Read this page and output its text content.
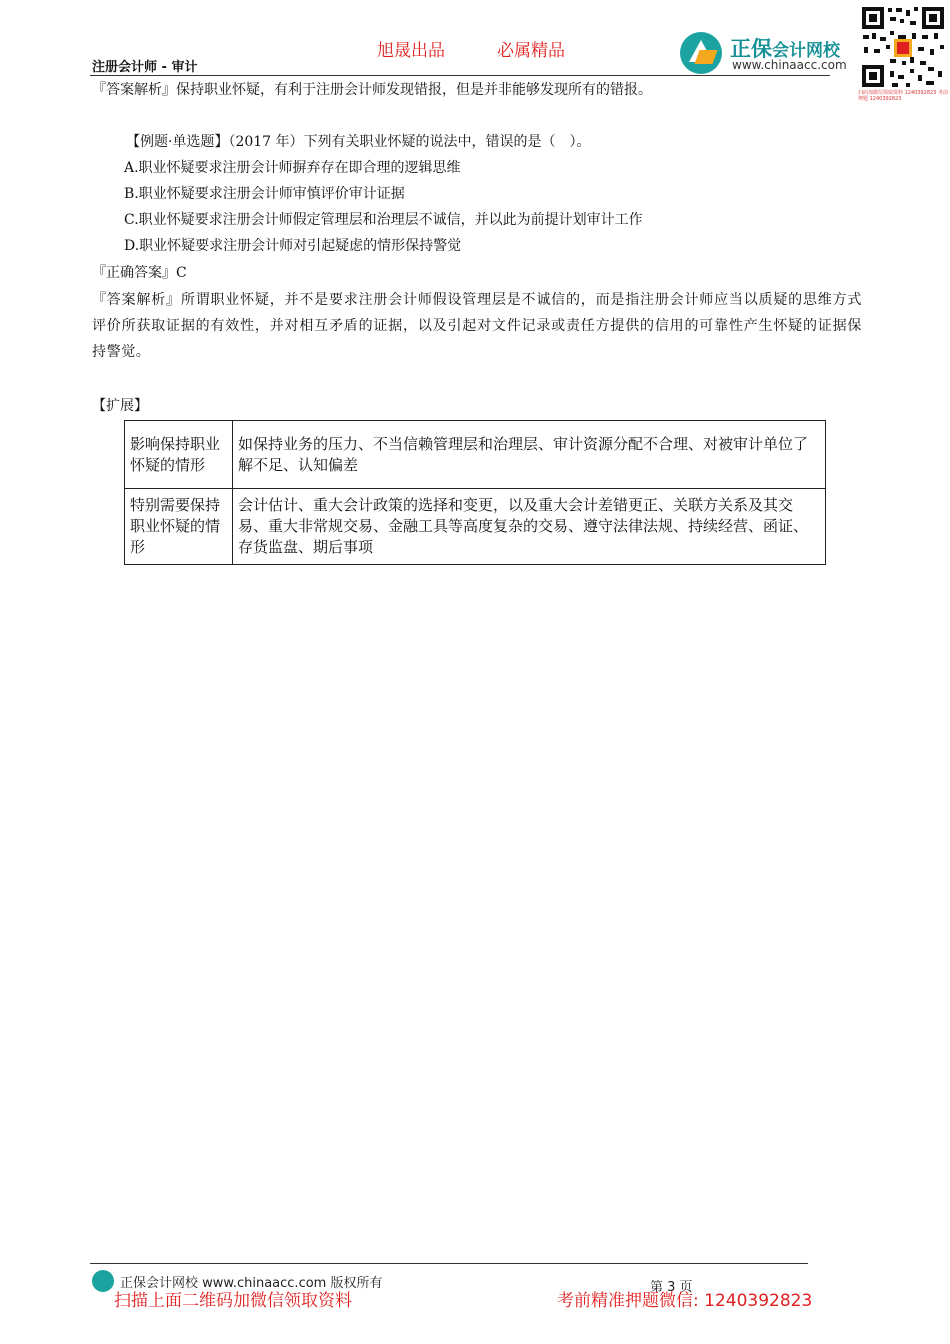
旭晟出品	必属精品
注册会计师 - 审计
正保会计网校
www.chinaacc.com
扫码加微信领取资料 1240392823 考前押题 1240392823
『答案解析』保持职业怀疑，有利于注册会计师发现错报，但是并非能够发现所有的错报。
【例题·单选题】（2017 年）下列有关职业怀疑的说法中，错误的是（　）。
A.职业怀疑要求注册会计师摒弃存在即合理的逻辑思维
B.职业怀疑要求注册会计师审慎评价审计证据
C.职业怀疑要求注册会计师假定管理层和治理层不诚信，并以此为前提计划审计工作
D.职业怀疑要求注册会计师对引起疑虑的情形保持警觉
『正确答案』C
『答案解析』所谓职业怀疑，并不是要求注册会计师假设管理层是不诚信的，而是指注册会计师应当以质疑的思维方式评价所获取证据的有效性，并对相互矛盾的证据，以及引起对文件记录或责任方提供的信用的可靠性产生怀疑的证据保持警觉。
【扩展】
影响保持职业怀疑的情形	如保持业务的压力、不当信赖管理层和治理层、审计资源分配不合理、对被审计单位了解不足、认知偏差
特别需要保持职业怀疑的情形	会计估计、重大会计政策的选择和变更，以及重大会计差错更正、关联方关系及其交易、重大非常规交易、金融工具等高度复杂的交易、遵守法律法规、持续经营、函证、存货监盘、期后事项
正保会计网校 www.chinaacc.com 版权所有	第 3 页
扫描上面二维码加微信领取资料	考前精准押题微信: 1240392823
